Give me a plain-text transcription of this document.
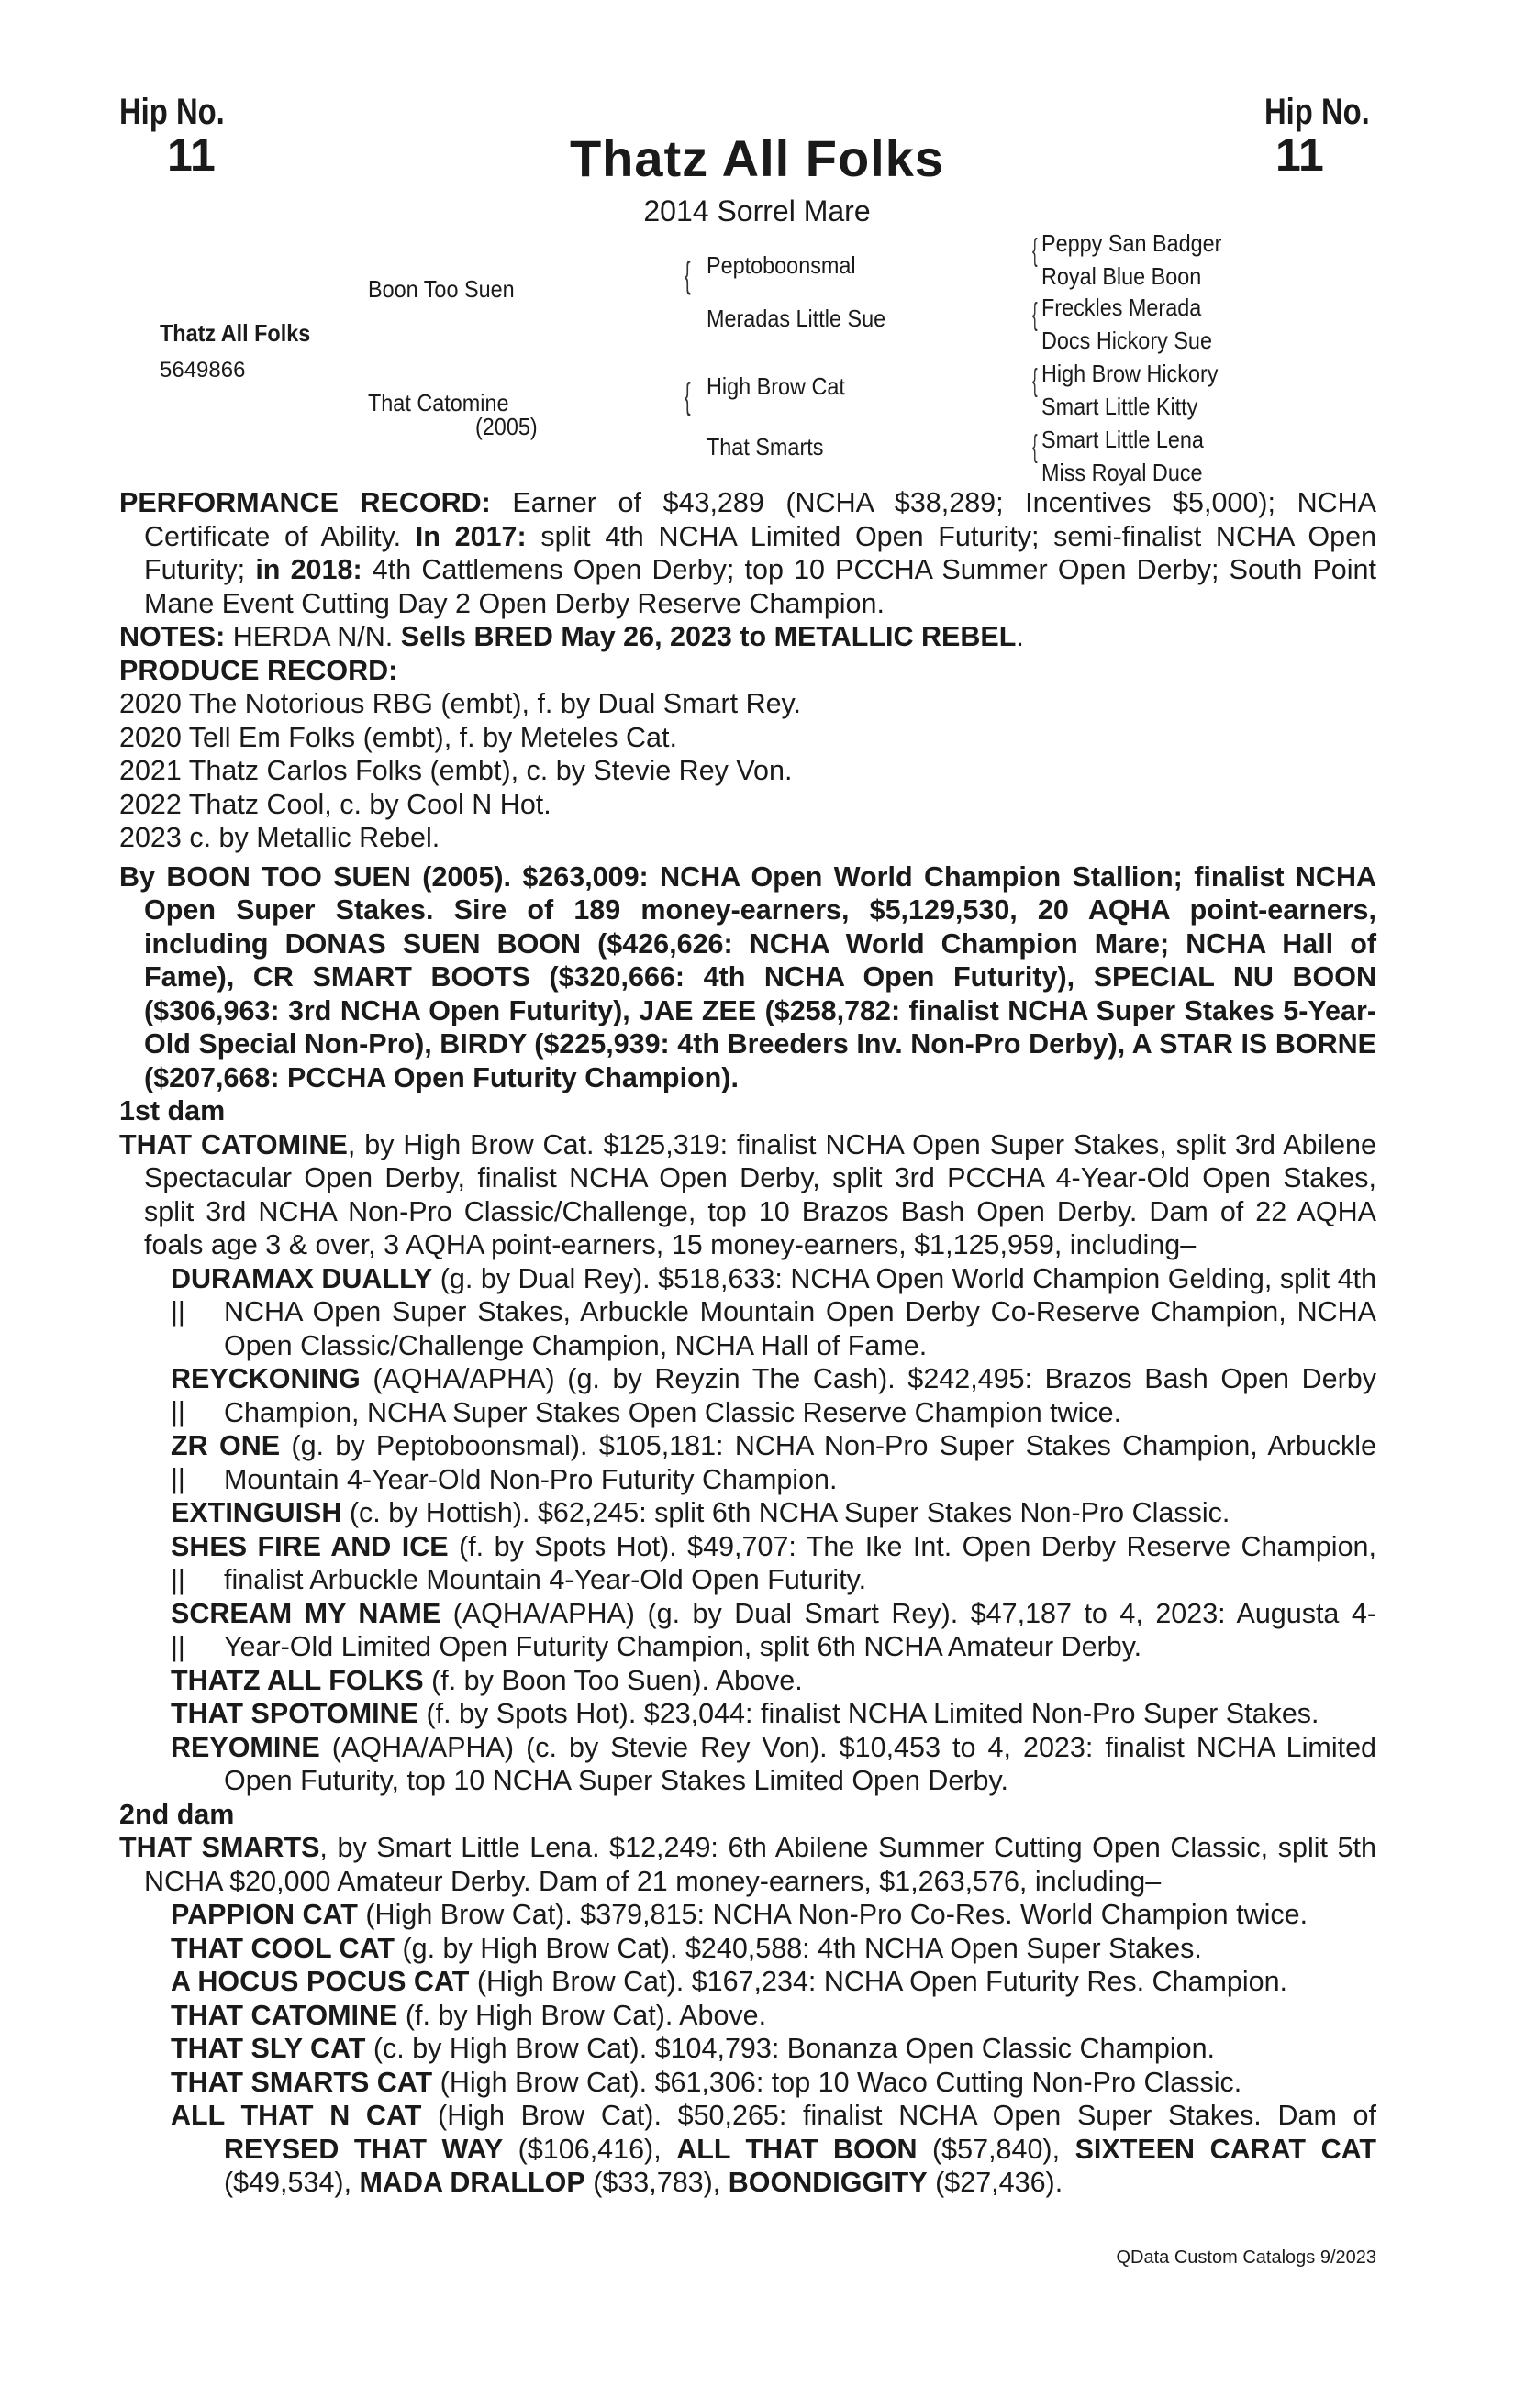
Hip No.
11
Hip No.
11
Thatz All Folks
2014 Sorrel Mare
Thatz All Folks
5649866
Boon Too Suen
That Catomine
(2005)
{ Peptoboonsmal
Meradas Little Sue
{ High Brow Cat
That Smarts
{ Peppy San Badger
Royal Blue Boon
{ Freckles Merada
Docs Hickory Sue
{ High Brow Hickory
Smart Little Kitty
{ Smart Little Lena
Miss Royal Duce

PERFORMANCE RECORD: Earner of $43,289 (NCHA $38,289; Incentives $5,000); NCHA Certificate of Ability. In 2017: split 4th NCHA Limited Open Futurity; semi-finalist NCHA Open Futurity; in 2018: 4th Cattlemens Open Derby; top 10 PCCHA Summer Open Derby; South Point Mane Event Cutting Day 2 Open Derby Reserve Champion.

NOTES: HERDA N/N. Sells BRED May 26, 2023 to METALLIC REBEL.

PRODUCE RECORD:

2020 The Notorious RBG (embt), f. by Dual Smart Rey.

2020 Tell Em Folks (embt), f. by Meteles Cat.

2021 Thatz Carlos Folks (embt), c. by Stevie Rey Von.

2022 Thatz Cool, c. by Cool N Hot.

2023 c. by Metallic Rebel.

By BOON TOO SUEN (2005). $263,009: NCHA Open World Champion Stallion; finalist NCHA Open Super Stakes. Sire of 189 money-earners, $5,129,530, 20 AQHA point-earners, including DONAS SUEN BOON ($426,626: NCHA World Champion Mare; NCHA Hall of Fame), CR SMART BOOTS ($320,666: 4th NCHA Open Futurity), SPECIAL NU BOON ($306,963: 3rd NCHA Open Futurity), JAE ZEE ($258,782: finalist NCHA Super Stakes 5-Year-Old Special Non-Pro), BIRDY ($225,939: 4th Breeders Inv. Non-Pro Derby), A STAR IS BORNE ($207,668: PCCHA Open Futurity Champion).

1st dam

THAT CATOMINE, by High Brow Cat. $125,319: finalist NCHA Open Super Stakes, split 3rd Abilene Spectacular Open Derby, finalist NCHA Open Derby, split 3rd PCCHA 4-Year-Old Open Stakes, split 3rd NCHA Non-Pro Classic/Challenge, top 10 Brazos Bash Open Derby. Dam of 22 AQHA foals age 3 & over, 3 AQHA point-earners, 15 money-earners, $1,125,959, including–

||
DURAMAX DUALLY (g. by Dual Rey). $518,633: NCHA Open World Champion Gelding, split 4th NCHA Open Super Stakes, Arbuckle Mountain Open Derby Co-Reserve Champion, NCHA Open Classic/Challenge Champion, NCHA Hall of Fame.

||
REYCKONING (AQHA/APHA) (g. by Reyzin The Cash). $242,495: Brazos Bash Open Derby Champion, NCHA Super Stakes Open Classic Reserve Champion twice.

||
ZR ONE (g. by Peptoboonsmal). $105,181: NCHA Non-Pro Super Stakes Champion, Arbuckle Mountain 4-Year-Old Non-Pro Futurity Champion.

EXTINGUISH (c. by Hottish). $62,245: split 6th NCHA Super Stakes Non-Pro Classic.

||
SHES FIRE AND ICE (f. by Spots Hot). $49,707: The Ike Int. Open Derby Reserve Champion, finalist Arbuckle Mountain 4-Year-Old Open Futurity.

||
SCREAM MY NAME (AQHA/APHA) (g. by Dual Smart Rey). $47,187 to 4, 2023: Augusta 4-Year-Old Limited Open Futurity Champion, split 6th NCHA Amateur Derby.

THATZ ALL FOLKS (f. by Boon Too Suen). Above.

THAT SPOTOMINE (f. by Spots Hot). $23,044: finalist NCHA Limited Non-Pro Super Stakes.

REYOMINE (AQHA/APHA) (c. by Stevie Rey Von). $10,453 to 4, 2023: finalist NCHA Limited Open Futurity, top 10 NCHA Super Stakes Limited Open Derby.

2nd dam

THAT SMARTS, by Smart Little Lena. $12,249: 6th Abilene Summer Cutting Open Classic, split 5th NCHA $20,000 Amateur Derby. Dam of 21 money-earners, $1,263,576, including–

PAPPION CAT (High Brow Cat). $379,815: NCHA Non-Pro Co-Res. World Champion twice.

THAT COOL CAT (g. by High Brow Cat). $240,588: 4th NCHA Open Super Stakes.

A HOCUS POCUS CAT (High Brow Cat). $167,234: NCHA Open Futurity Res. Champion.

THAT CATOMINE (f. by High Brow Cat). Above.

THAT SLY CAT (c. by High Brow Cat). $104,793: Bonanza Open Classic Champion.

THAT SMARTS CAT (High Brow Cat). $61,306: top 10 Waco Cutting Non-Pro Classic.

ALL THAT N CAT (High Brow Cat). $50,265: finalist NCHA Open Super Stakes. Dam of REYSED THAT WAY ($106,416), ALL THAT BOON ($57,840), SIXTEEN CARAT CAT ($49,534), MADA DRALLOP ($33,783), BOONDIGGITY ($27,436).

QData Custom Catalogs 9/2023
